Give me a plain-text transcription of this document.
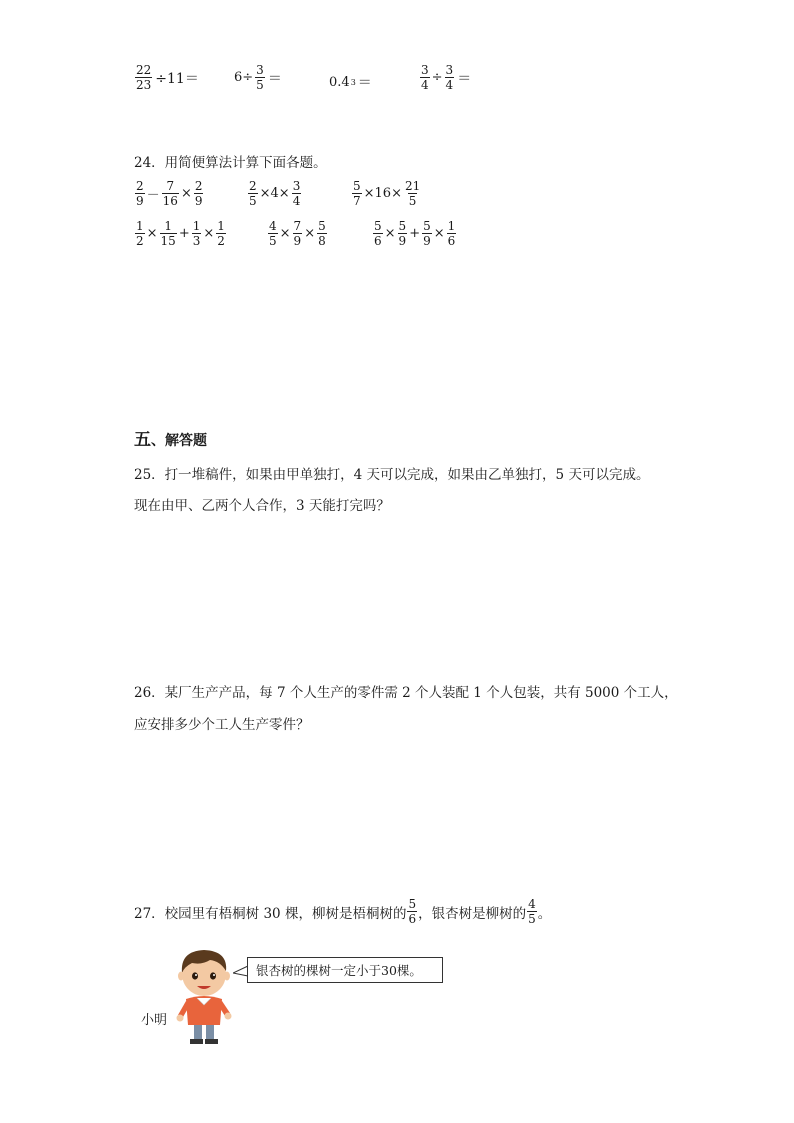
$\frac{22}{23} \div 11=$	$6\div \frac{3}{5}$ ＝	0.4 3 ＝	$\frac{3}{4} \div \frac{3}{4}$ ＝
24．用简便算法计算下面各题。
$\frac{2}{9} - \frac{7}{16} \times \frac{2}{9}$	$\frac{2}{5} \times 4\times \frac{3}{4}$	$\frac{5}{7} \times 16\times \frac{21}{5}$
$\frac{1}{2} \times \frac{1}{15} + \frac{1}{3} \times \frac{1}{2}$	$\frac{4}{5} \times \frac{7}{9} \times \frac{5}{8}$	$\frac{5}{6} \times \frac{5}{9} + \frac{5}{9} \times \frac{1}{6}$
五、解答题
25．打一堆稿件，如果由甲单独打，4 天可以完成，如果由乙单独打，5 天可以完成。
现在由甲、乙两个人合作，3 天能打完吗？
26．某厂生产产品，每 7 个人生产的零件需 2 个人装配 1 个人包装，共有 5000 个工人，
应安排多少个工人生产零件？
27．校园里有梧桐树 30 棵，柳树是梧桐树的 $\frac{5}{6}$ ，银杏树是柳树的 $\frac{4}{5}$ 。
银杏树的棵树一定小于30棵。
小明
